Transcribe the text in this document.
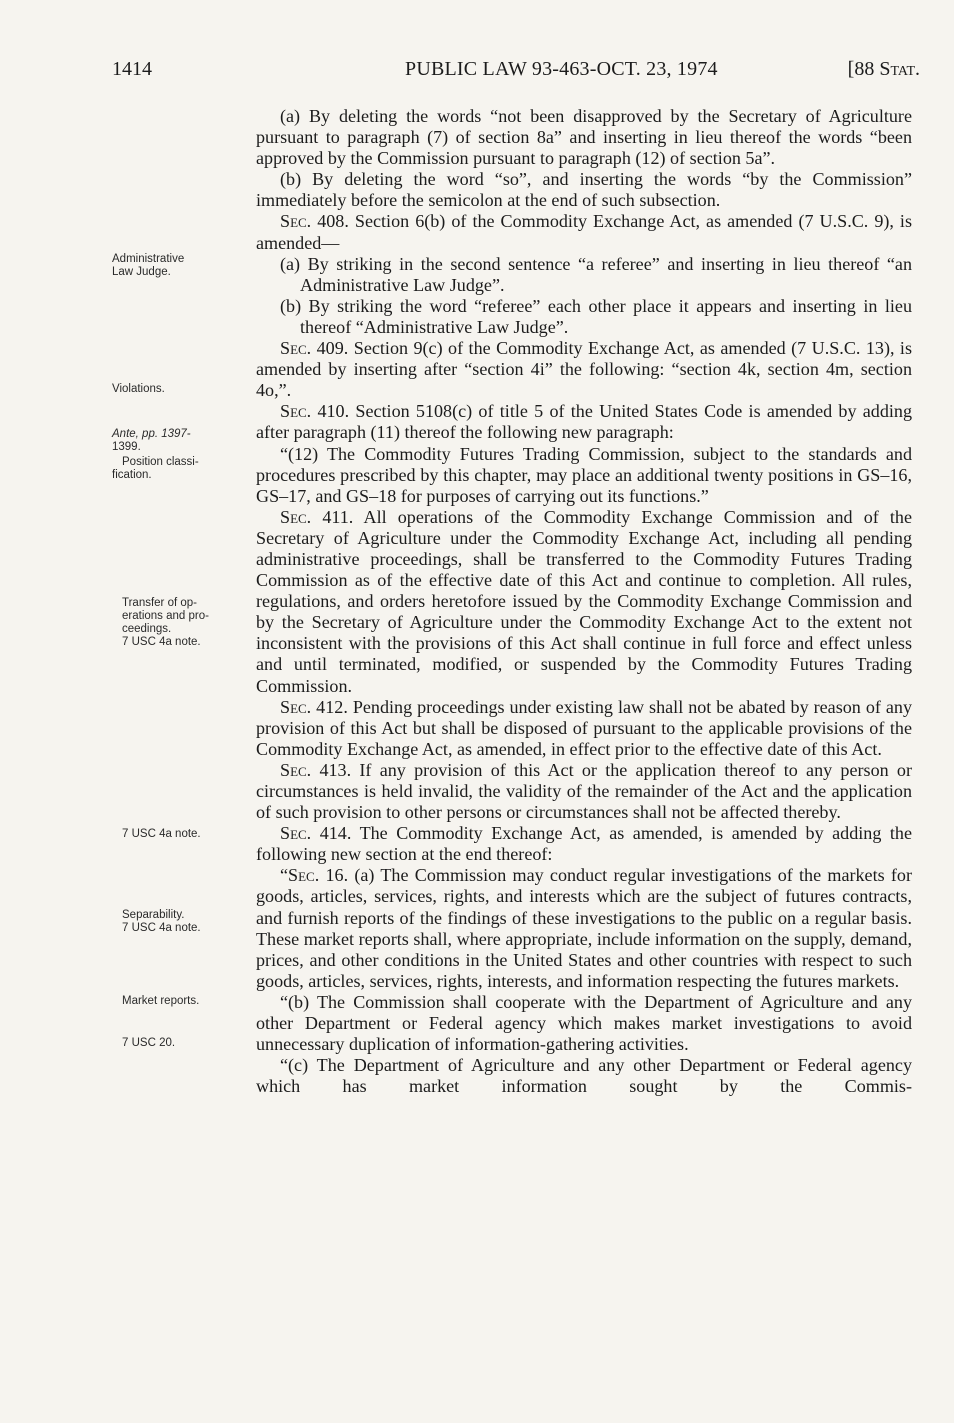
1414	PUBLIC LAW 93-463-OCT. 23, 1974	[88 Stat.
Administrative
Law Judge.
Violations.
Ante, pp. 1397-
1399.
Position classi-
fication.
Transfer of op-
erations and pro-
ceedings.
7 USC 4a note.
7 USC 4a note.
Separability.
7 USC 4a note.
Market reports.
7 USC 20.

(a) By deleting the words “not been disapproved by the Secretary of Agriculture pursuant to paragraph (7) of section 8a” and inserting in lieu thereof the words “been approved by the Commission pursuant to paragraph (12) of section 5a”.

(b) By deleting the word “so”, and inserting the words “by the Commission” immediately before the semicolon at the end of such subsection.

Sec. 408. Section 6(b) of the Commodity Exchange Act, as amended (7 U.S.C. 9), is amended—

(a) By striking in the second sentence “a referee” and inserting in lieu thereof “an Administrative Law Judge”.

(b) By striking the word “referee” each other place it appears and inserting in lieu thereof “Administrative Law Judge”.

Sec. 409. Section 9(c) of the Commodity Exchange Act, as amended (7 U.S.C. 13), is amended by inserting after “section 4i” the following: “section 4k, section 4m, section 4o,”.

Sec. 410. Section 5108(c) of title 5 of the United States Code is amended by adding after paragraph (11) thereof the following new paragraph:

“(12) The Commodity Futures Trading Commission, subject to the standards and procedures prescribed by this chapter, may place an additional twenty positions in GS–16, GS–17, and GS–18 for purposes of carrying out its functions.”

Sec. 411. All operations of the Commodity Exchange Commission and of the Secretary of Agriculture under the Commodity Exchange Act, including all pending administrative proceedings, shall be transferred to the Commodity Futures Trading Commission as of the effective date of this Act and continue to completion. All rules, regulations, and orders heretofore issued by the Commodity Exchange Commission and by the Secretary of Agriculture under the Commodity Exchange Act to the extent not inconsistent with the provisions of this Act shall continue in full force and effect unless and until terminated, modified, or suspended by the Commodity Futures Trading Commission.

Sec. 412. Pending proceedings under existing law shall not be abated by reason of any provision of this Act but shall be disposed of pursuant to the applicable provisions of the Commodity Exchange Act, as amended, in effect prior to the effective date of this Act.

Sec. 413. If any provision of this Act or the application thereof to any person or circumstances is held invalid, the validity of the remainder of the Act and the application of such provision to other persons or circumstances shall not be affected thereby.

Sec. 414. The Commodity Exchange Act, as amended, is amended by adding the following new section at the end thereof:

“Sec. 16. (a) The Commission may conduct regular investigations of the markets for goods, articles, services, rights, and interests which are the subject of futures contracts, and furnish reports of the findings of these investigations to the public on a regular basis. These market reports shall, where appropriate, include information on the supply, demand, prices, and other conditions in the United States and other countries with respect to such goods, articles, services, rights, interests, and information respecting the futures markets.

“(b) The Commission shall cooperate with the Department of Agriculture and any other Department or Federal agency which makes market investigations to avoid unnecessary duplication of information-gathering activities.

“(c) The Department of Agriculture and any other Department or Federal agency which has market information sought by the Commis-
